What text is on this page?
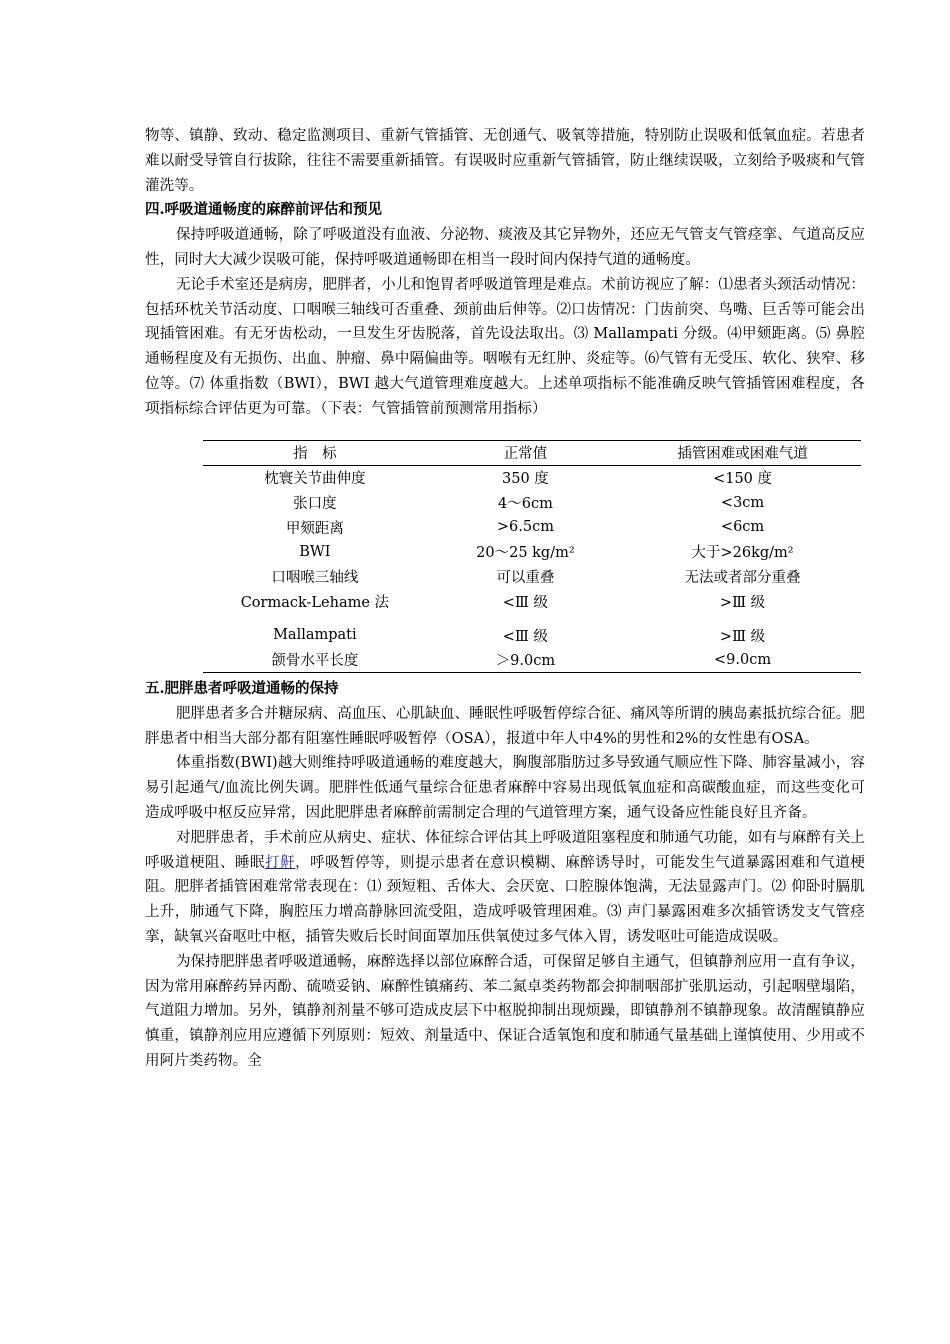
物等、镇静、致动、稳定监测项目、重新气管插管、无创通气、吸氧等措施，特别防止误吸和低氧血症。若患者难以耐受导管自行拔除，往往不需要重新插管。有误吸时应重新气管插管，防止继续误吸，立刻给予吸痰和气管灌洗等。

四.呼吸道通畅度的麻醉前评估和预见

保持呼吸道通畅，除了呼吸道没有血液、分泌物、痰液及其它异物外，还应无气管支气管痉挛、气道高反应性，同时大大减少误吸可能，保持呼吸道通畅即在相当一段时间内保持气道的通畅度。

无论手术室还是病房，肥胖者，小儿和饱胃者呼吸道管理是难点。术前访视应了解：⑴患者头颈活动情况：包括环枕关节活动度、口咽喉三轴线可否重叠、颈前曲后伸等。⑵口齿情况：门齿前突、鸟嘴、巨舌等可能会出现插管困难。有无牙齿松动，一旦发生牙齿脱落，首先设法取出。⑶ Mallampati 分级。⑷甲颏距离。⑸ 鼻腔通畅程度及有无损伤、出血、肿瘤、鼻中隔偏曲等。咽喉有无红肿、炎症等。⑹气管有无受压、软化、狭窄、移位等。⑺ 体重指数（BWI），BWI 越大气道管理难度越大。上述单项指标不能准确反映气管插管困难程度，各项指标综合评估更为可靠。（下表：气管插管前预测常用指标）

指　标	正常值	插管困难或困难气道
枕寰关节曲伸度	350 度	<150 度
张口度	4～6cm	<3cm
甲颏距离	>6.5cm	<6cm
BWI	20～25 kg/m²	大于>26kg/m²
口咽喉三轴线	可以重叠	无法或者部分重叠
Cormack-Lehame 法	<Ⅲ 级	>Ⅲ 级
Mallampati	<Ⅲ 级	>Ⅲ 级
颌骨水平长度	＞9.0cm	<9.0cm
五.肥胖患者呼吸道通畅的保持

肥胖患者多合并糖尿病、高血压、心肌缺血、睡眠性呼吸暂停综合征、痛风等所谓的胰岛素抵抗综合征。肥胖患者中相当大部分都有阻塞性睡眠呼吸暂停（OSA），报道中年人中4%的男性和2%的女性患有OSA。

体重指数(BWI)越大则维持呼吸道通畅的难度越大，胸腹部脂肪过多导致通气顺应性下降、肺容量减小，容易引起通气/血流比例失调。肥胖性低通气量综合征患者麻醉中容易出现低氧血症和高碳酸血症，而这些变化可造成呼吸中枢反应异常，因此肥胖患者麻醉前需制定合理的气道管理方案，通气设备应性能良好且齐备。

对肥胖患者，手术前应从病史、症状、体征综合评估其上呼吸道阻塞程度和肺通气功能，如有与麻醉有关上呼吸道梗阻、睡眠打鼾，呼吸暂停等，则提示患者在意识模糊、麻醉诱导时，可能发生气道暴露困难和气道梗阻。肥胖者插管困难常常表现在：⑴ 颈短粗、舌体大、会厌宽、口腔腺体饱满，无法显露声门。⑵ 仰卧时膈肌上升，肺通气下降，胸腔压力增高静脉回流受阻，造成呼吸管理困难。⑶ 声门暴露困难多次插管诱发支气管痉挛，缺氧兴奋呕吐中枢，插管失败后长时间面罩加压供氧使过多气体入胃，诱发呕吐可能造成误吸。

为保持肥胖患者呼吸道通畅，麻醉选择以部位麻醉合适，可保留足够自主通气，但镇静剂应用一直有争议，因为常用麻醉药异丙酚、硫喷妥钠、麻醉性镇痛药、苯二氮卓类药物都会抑制咽部扩张肌运动，引起咽壁塌陷，气道阻力增加。另外，镇静剂剂量不够可造成皮层下中枢脱抑制出现烦躁，即镇静剂不镇静现象。故清醒镇静应慎重，镇静剂应用应遵循下列原则：短效、剂量适中、保证合适氧饱和度和肺通气量基础上谨慎使用、少用或不用阿片类药物。全
